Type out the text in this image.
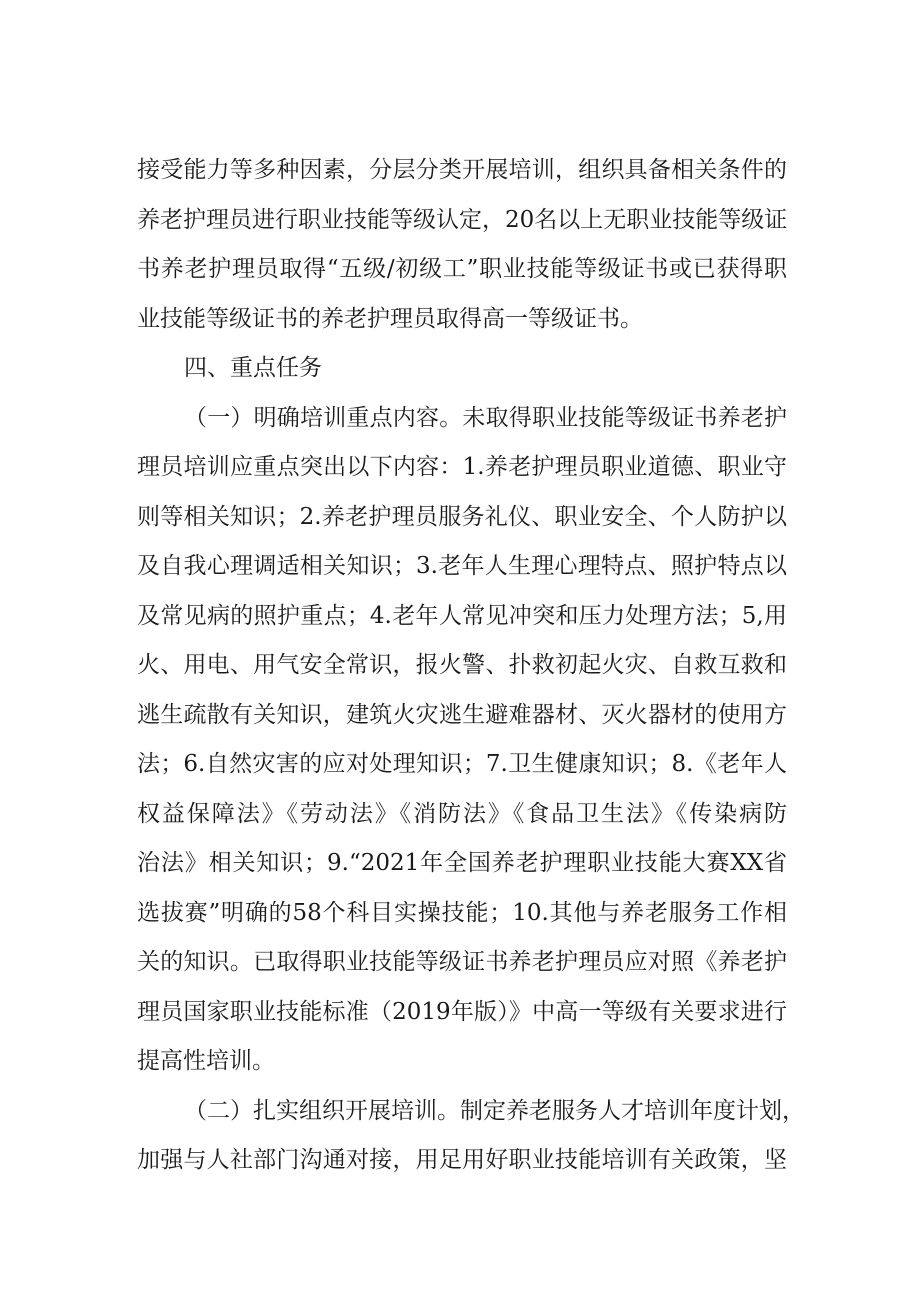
接受能力等多种因素，分层分类开展培训，组织具备相关条件的
养老护理员进行职业技能等级认定，20名以上无职业技能等级证
书养老护理员取得“五级/初级工”职业技能等级证书或已获得职
业技能等级证书的养老护理员取得高一等级证书。
四、重点任务
（一）明确培训重点内容。未取得职业技能等级证书养老护
理员培训应重点突出以下内容：1.养老护理员职业道德、职业守
则等相关知识；2.养老护理员服务礼仪、职业安全、个人防护以
及自我心理调适相关知识；3.老年人生理心理特点、照护特点以
及常见病的照护重点；4.老年人常见冲突和压力处理方法；5,用
火、用电、用气安全常识，报火警、扑救初起火灾、自救互救和
逃生疏散有关知识，建筑火灾逃生避难器材、灭火器材的使用方
法；6.自然灾害的应对处理知识；7.卫生健康知识；8.《老年人
权益保障法》《劳动法》《消防法》《食品卫生法》《传染病防
治法》相关知识；9.“2021年全国养老护理职业技能大赛XX省
选拔赛”明确的58个科目实操技能；10.其他与养老服务工作相
关的知识。已取得职业技能等级证书养老护理员应对照《养老护
理员国家职业技能标准（2019年版）》中高一等级有关要求进行
提高性培训。
（二）扎实组织开展培训。制定养老服务人才培训年度计划，
加强与人社部门沟通对接，用足用好职业技能培训有关政策，坚
